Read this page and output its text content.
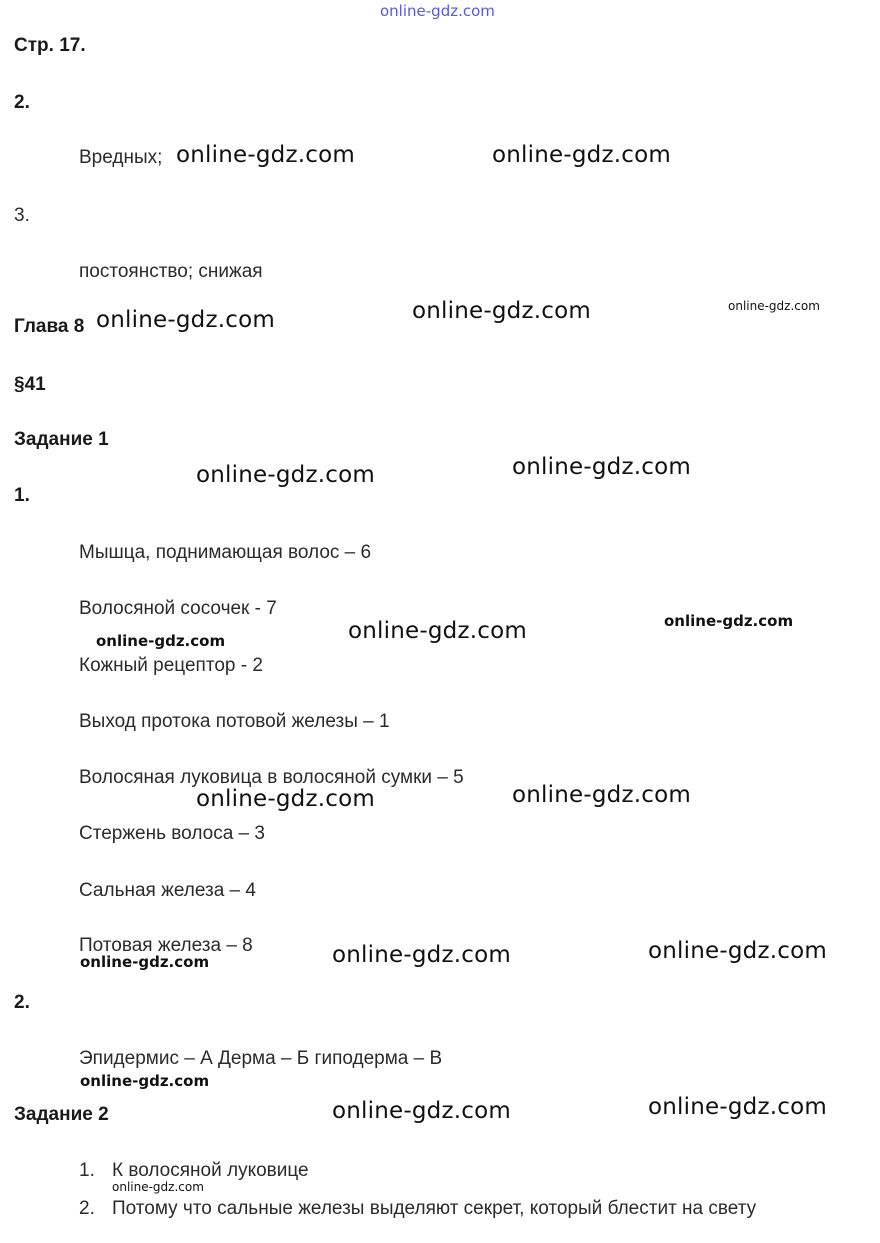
online-gdz.com
Стр. 17.
2.
Вредных;
3.
постоянство; снижая
Глава 8
§41
Задание 1
1.
Мышца, поднимающая волос – 6
Волосяной сосочек - 7
Кожный рецептор - 2
Выход протока потовой железы – 1
Волосяная луковица в волосяной сумки – 5
Стержень волоса – 3
Сальная железа – 4
Потовая железа – 8
2.
Эпидермис – А Дерма – Б гиподерма – В
Задание 2
1. К волосяной луковице
2. Потому что сальные железы выделяют секрет, который блестит на свету
online-gdz.com	online-gdz.com
online-gdz.com	online-gdz.com	online-gdz.com
online-gdz.com	online-gdz.com
online-gdz.com	online-gdz.com	online-gdz.com
online-gdz.com	online-gdz.com
online-gdz.com	online-gdz.com	online-gdz.com
online-gdz.com
online-gdz.com	online-gdz.com
online-gdz.com
